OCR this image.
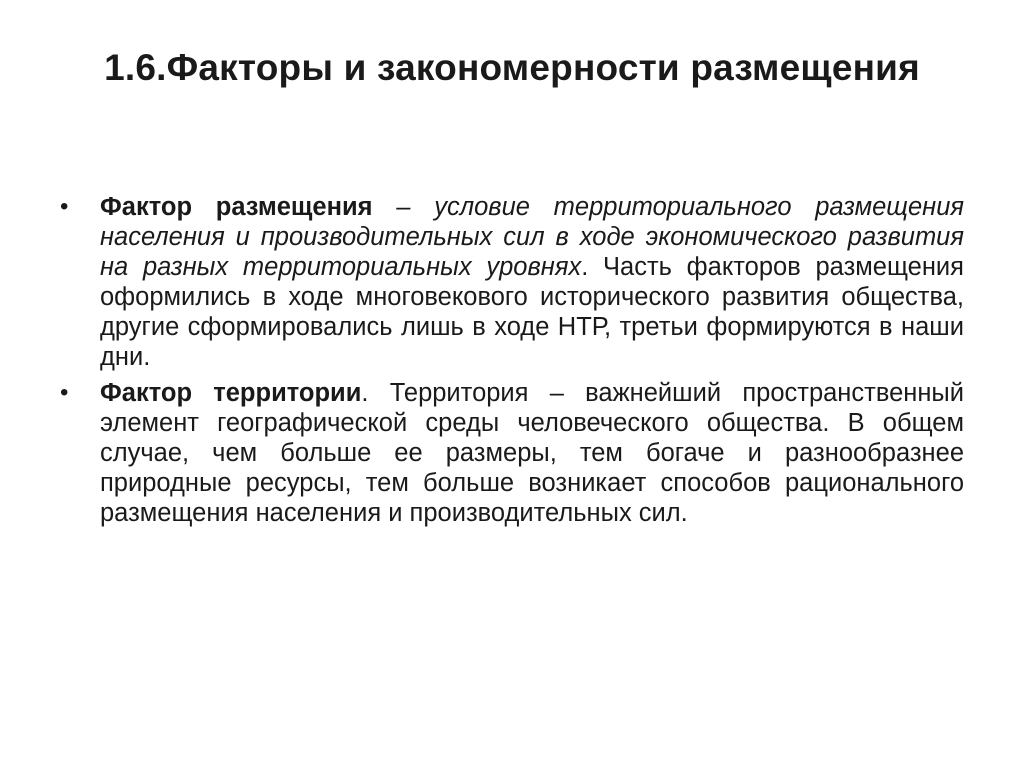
1.6.Факторы и закономерности размещения
• Фактор размещения – условие территориального размещения населения и производительных сил в ходе экономического развития на разных территориальных уровнях. Часть факторов размещения оформились в ходе многовекового исторического развития общества, другие сформировались лишь в ходе НТР, третьи формируются в наши дни.
• Фактор территории. Территория – важнейший пространственный элемент географической среды человеческого общества. В общем случае, чем больше ее размеры, тем богаче и разнообразнее природные ресурсы, тем больше возникает способов рационального размещения населения и производительных сил.
